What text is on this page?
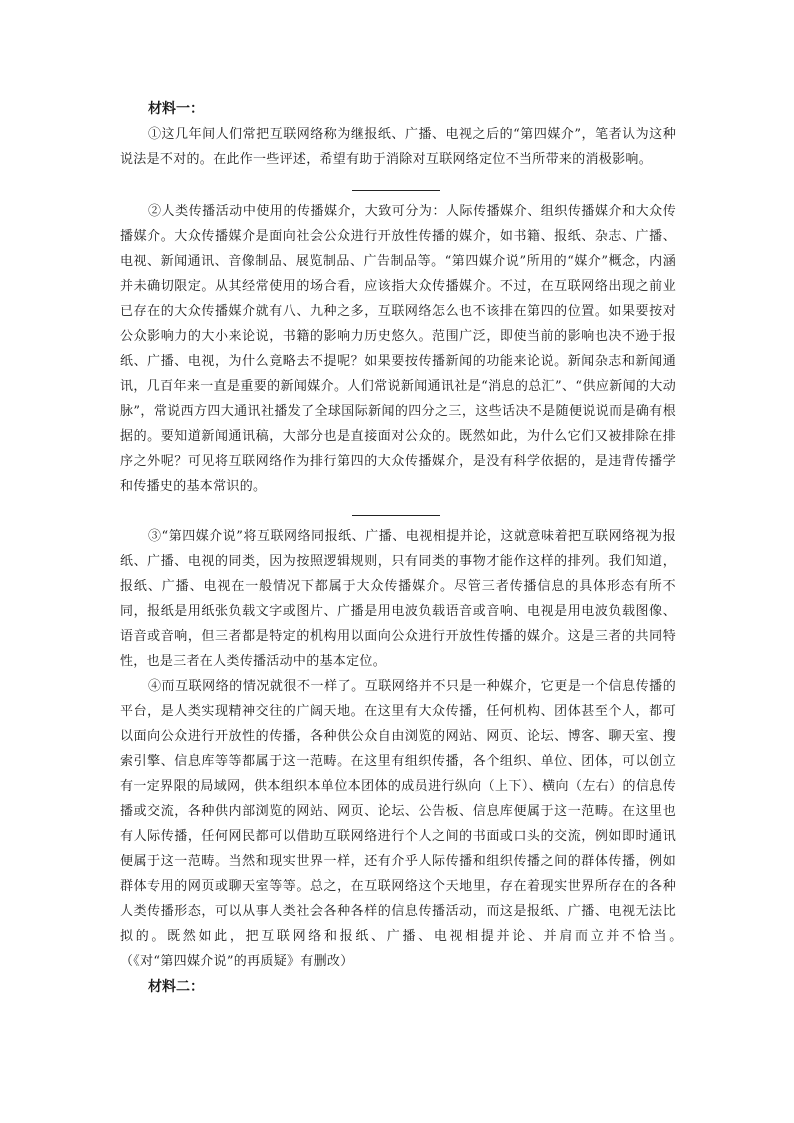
材料一：

①这几年间人们常把互联网络称为继报纸、广播、电视之后的“第四媒介”，笔者认为这种说法是不对的。在此作一些评述，希望有助于消除对互联网络定位不当所带来的消极影响。

②人类传播活动中使用的传播媒介，大致可分为：人际传播媒介、组织传播媒介和大众传播媒介。大众传播媒介是面向社会公众进行开放性传播的媒介，如书籍、报纸、杂志、广播、电视、新闻通讯、音像制品、展览制品、广告制品等。“第四媒介说”所用的“媒介”概念，内涵并未确切限定。从其经常使用的场合看，应该指大众传播媒介。不过，在互联网络出现之前业已存在的大众传播媒介就有八、九种之多，互联网络怎么也不该排在第四的位置。如果要按对公众影响力的大小来论说，书籍的影响力历史悠久。范围广泛，即使当前的影响也决不逊于报纸、广播、电视，为什么竟略去不提呢？如果要按传播新闻的功能来论说。新闻杂志和新闻通讯，几百年来一直是重要的新闻媒介。人们常说新闻通讯社是“消息的总汇”、“供应新闻的大动脉”，常说西方四大通讯社播发了全球国际新闻的四分之三，这些话决不是随便说说而是确有根据的。要知道新闻通讯稿，大部分也是直接面对公众的。既然如此，为什么它们又被排除在排序之外呢？可见将互联网络作为排行第四的大众传播媒介，是没有科学依据的，是违背传播学和传播史的基本常识的。

③“第四媒介说”将互联网络同报纸、广播、电视相提并论，这就意味着把互联网络视为报纸、广播、电视的同类，因为按照逻辑规则，只有同类的事物才能作这样的排列。我们知道，报纸、广播、电视在一般情况下都属于大众传播媒介。尽管三者传播信息的具体形态有所不同，报纸是用纸张负载文字或图片、广播是用电波负载语音或音响、电视是用电波负载图像、语音或音响，但三者都是特定的机构用以面向公众进行开放性传播的媒介。这是三者的共同特性，也是三者在人类传播活动中的基本定位。

④而互联网络的情况就很不一样了。互联网络并不只是一种媒介，它更是一个信息传播的平台，是人类实现精神交往的广阔天地。在这里有大众传播，任何机构、团体甚至个人，都可以面向公众进行开放性的传播，各种供公众自由浏览的网站、网页、论坛、博客、聊天室、搜索引擎、信息库等等都属于这一范畴。在这里有组织传播，各个组织、单位、团体，可以创立有一定界限的局域网，供本组织本单位本团体的成员进行纵向（上下）、横向（左右）的信息传播或交流，各种供内部浏览的网站、网页、论坛、公告板、信息库便属于这一范畴。在这里也有人际传播，任何网民都可以借助互联网络进行个人之间的书面或口头的交流，例如即时通讯便属于这一范畴。当然和现实世界一样，还有介乎人际传播和组织传播之间的群体传播，例如群体专用的网页或聊天室等等。总之，在互联网络这个天地里，存在着现实世界所存在的各种人类传播形态，可以从事人类社会各种各样的信息传播活动，而这是报纸、广播、电视无法比拟的。既然如此，把互联网络和报纸、广播、电视相提并论、并肩而立并不恰当。　　　　　（《对“第四媒介说”的再质疑》有删改）

材料二：
